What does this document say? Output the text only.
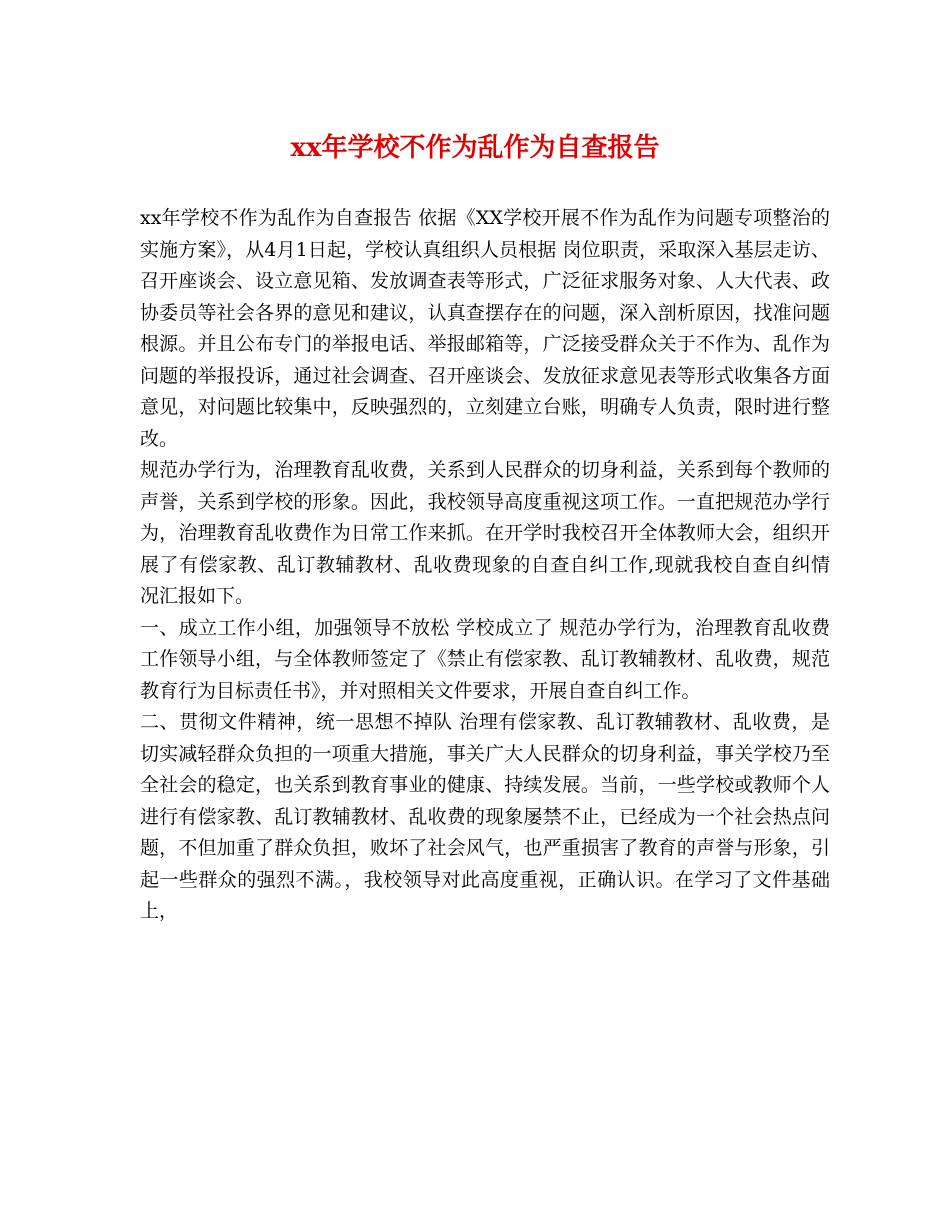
xx年学校不作为乱作为自查报告

xx年学校不作为乱作为自查报告 依据《XX学校开展不作为乱作为问题专项整治的实施方案》，从4月1日起，学校认真组织人员根据 岗位职责，采取深入基层走访、召开座谈会、设立意见箱、发放调查表等形式，广泛征求服务对象、人大代表、政协委员等社会各界的意见和建议，认真查摆存在的问题，深入剖析原因，找准问题根源。并且公布专门的举报电话、举报邮箱等，广泛接受群众关于不作为、乱作为问题的举报投诉，通过社会调查、召开座谈会、发放征求意见表等形式收集各方面意见，对问题比较集中，反映强烈的，立刻建立台账，明确专人负责，限时进行整改。

规范办学行为，治理教育乱收费，关系到人民群众的切身利益，关系到每个教师的声誉，关系到学校的形象。因此，我校领导高度重视这项工作。一直把规范办学行为，治理教育乱收费作为日常工作来抓。在开学时我校召开全体教师大会，组织开展了有偿家教、乱订教辅教材、乱收费现象的自查自纠工作,现就我校自查自纠情况汇报如下。

一、成立工作小组，加强领导不放松 学校成立了 规范办学行为，治理教育乱收费 工作领导小组，与全体教师签定了《禁止有偿家教、乱订教辅教材、乱收费，规范教育行为目标责任书》，并对照相关文件要求，开展自查自纠工作。

二、贯彻文件精神，统一思想不掉队 治理有偿家教、乱订教辅教材、乱收费，是切实减轻群众负担的一项重大措施，事关广大人民群众的切身利益，事关学校乃至全社会的稳定，也关系到教育事业的健康、持续发展。当前，一些学校或教师个人进行有偿家教、乱订教辅教材、乱收费的现象屡禁不止，已经成为一个社会热点问题，不但加重了群众负担，败坏了社会风气，也严重损害了教育的声誉与形象，引起一些群众的强烈不满。，我校领导对此高度重视，正确认识。在学习了文件基础上，
